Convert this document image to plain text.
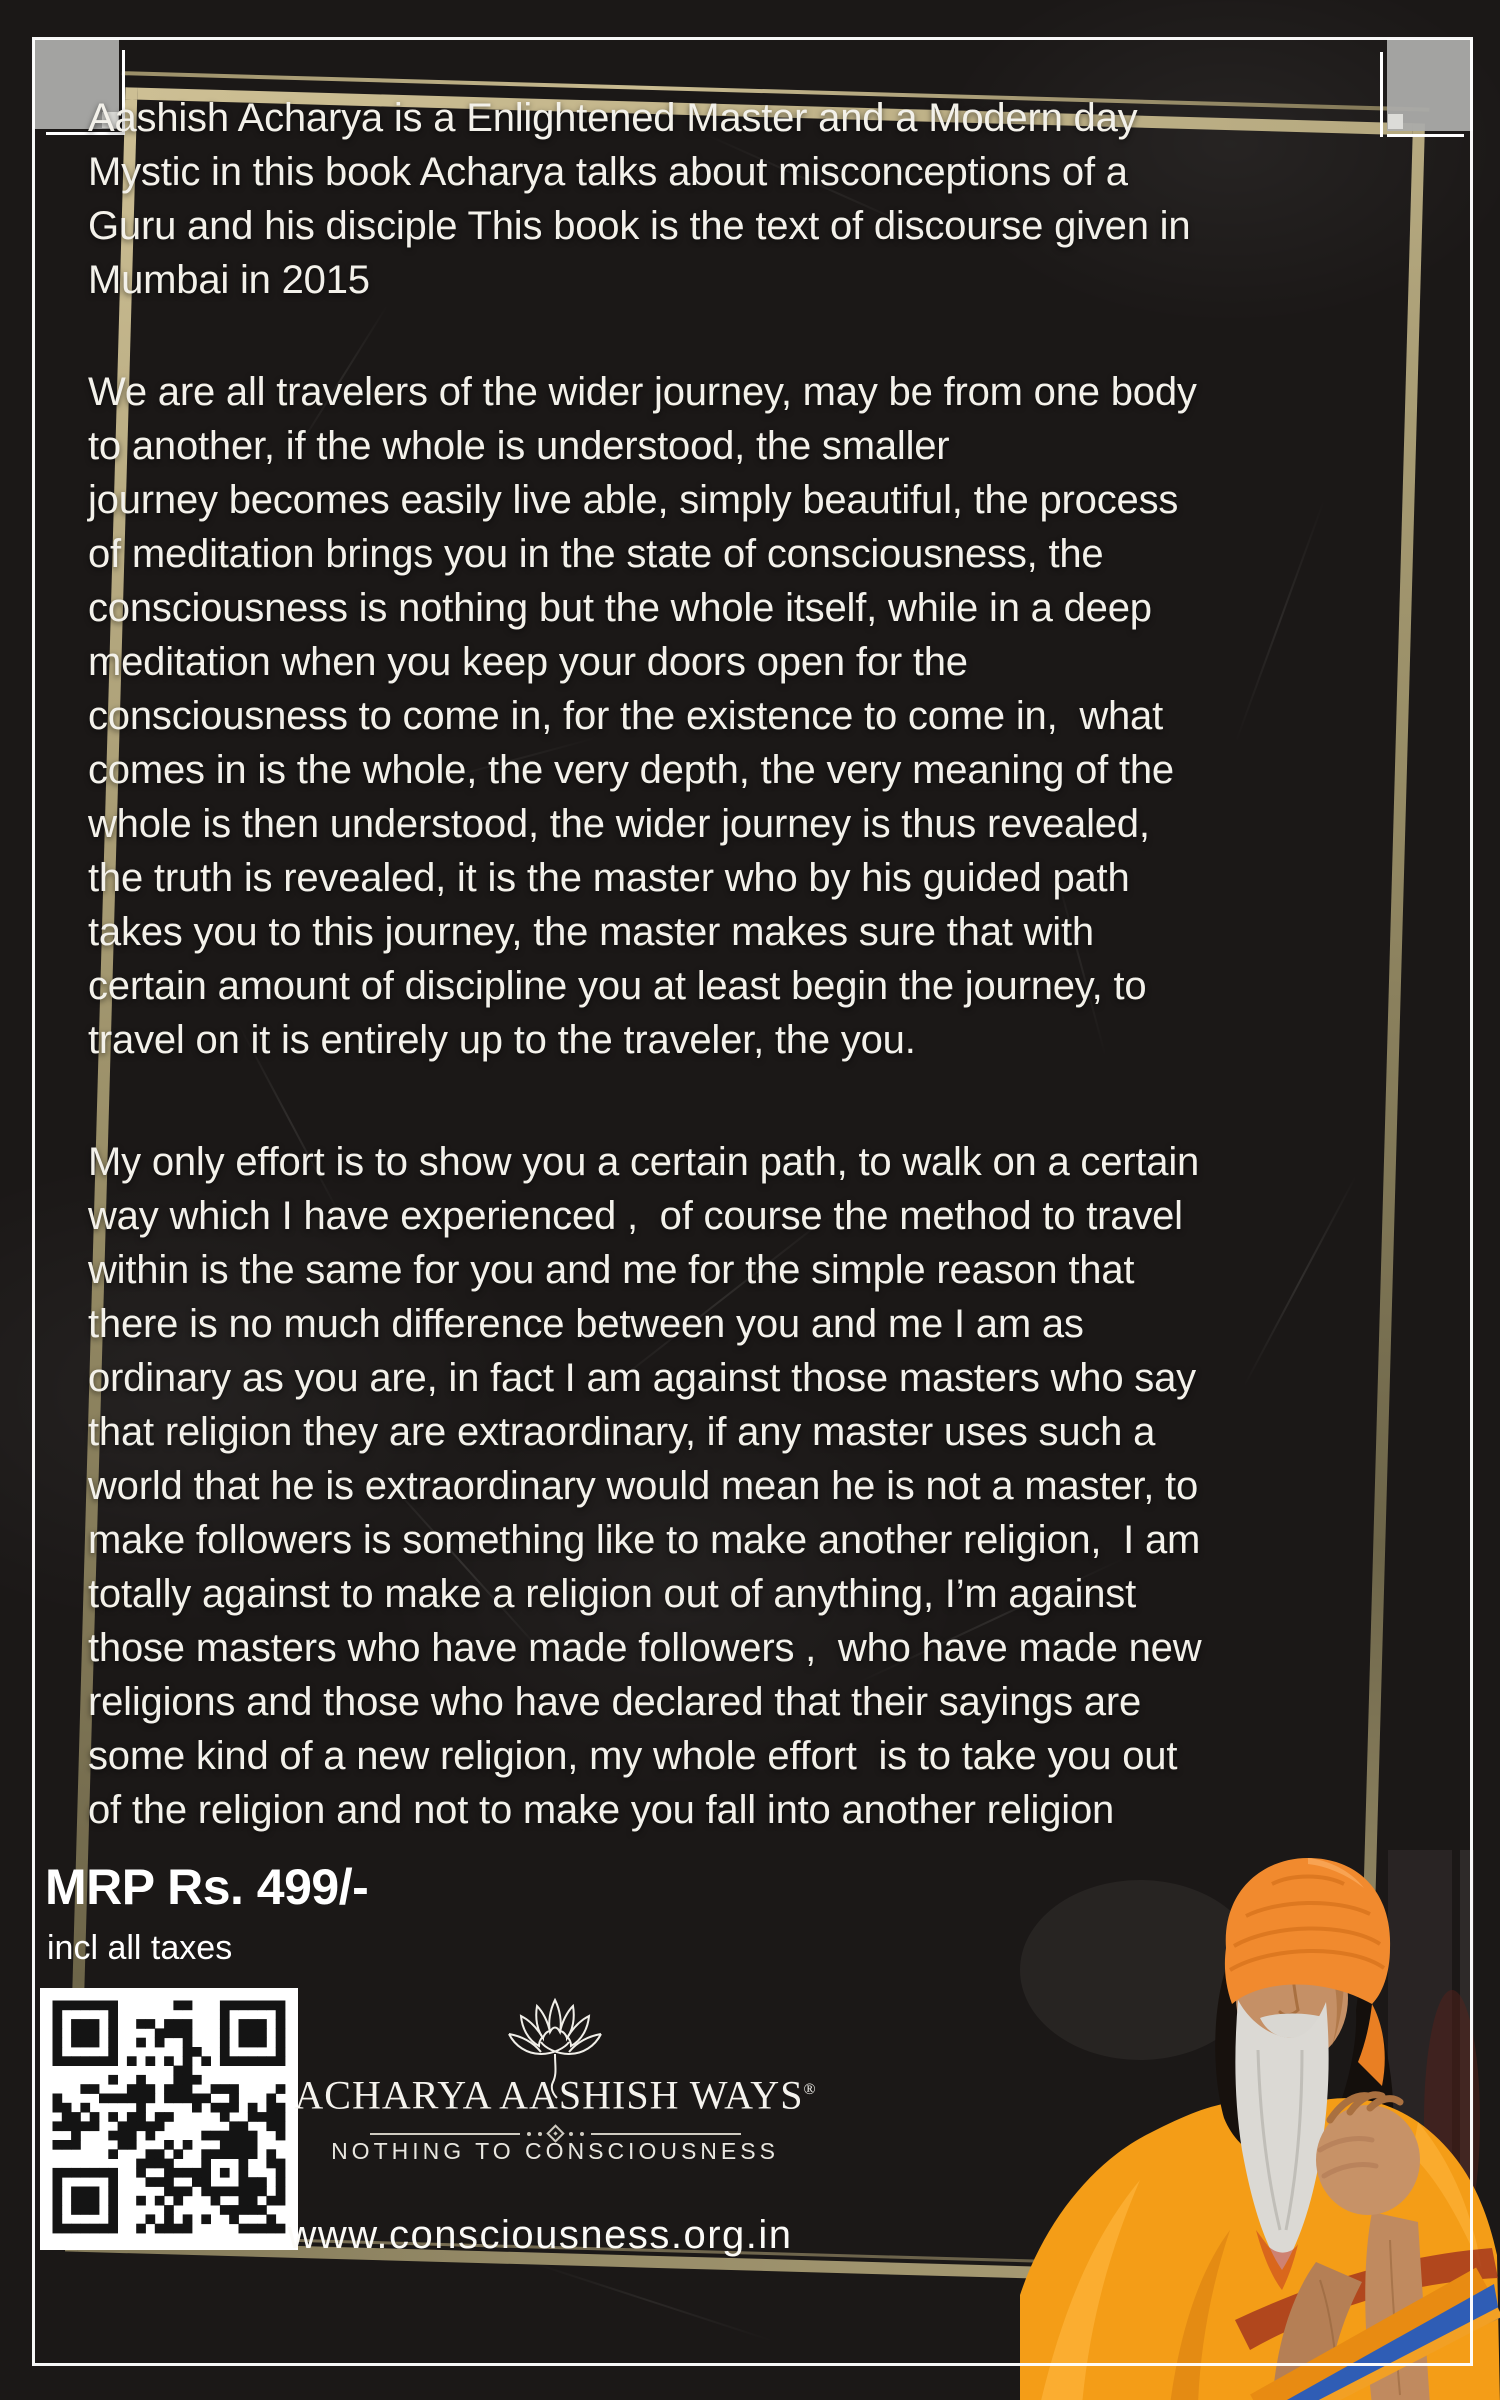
Aashish Acharya is a Enlightened Master and a Modern day
Mystic in this book Acharya talks about misconceptions of a
Guru and his disciple This book is the text of discourse given in
Mumbai in 2015
We are all travelers of the wider journey, may be from one body
to another, if the whole is understood, the smaller
journey becomes easily live able, simply beautiful, the process
of meditation brings you in the state of consciousness, the
consciousness is nothing but the whole itself, while in a deep
meditation when you keep your doors open for the
consciousness to come in, for the existence to come in,  what
comes in is the whole, the very depth, the very meaning of the
whole is then understood, the wider journey is thus revealed,
the truth is revealed, it is the master who by his guided path
takes you to this journey, the master makes sure that with
certain amount of discipline you at least begin the journey, to
travel on it is entirely up to the traveler, the you.
My only effort is to show you a certain path, to walk on a certain
way which I have experienced ,  of course the method to travel
within is the same for you and me for the simple reason that
there is no much difference between you and me I am as
ordinary as you are, in fact I am against those masters who say
that religion they are extraordinary, if any master uses such a
world that he is extraordinary would mean he is not a master, to
make followers is something like to make another religion,  I am
totally against to make a religion out of anything, I’m against
those masters who have made followers ,  who have made new
religions and those who have declared that their sayings are
some kind of a new religion, my whole effort  is to take you out
of the religion and not to make you fall into another religion
MRP Rs. 499/-
incl all taxes
ACHARYA AASHISH WAYS®
NOTHING TO CONSCIOUSNESS
www.consciousness.org.in
